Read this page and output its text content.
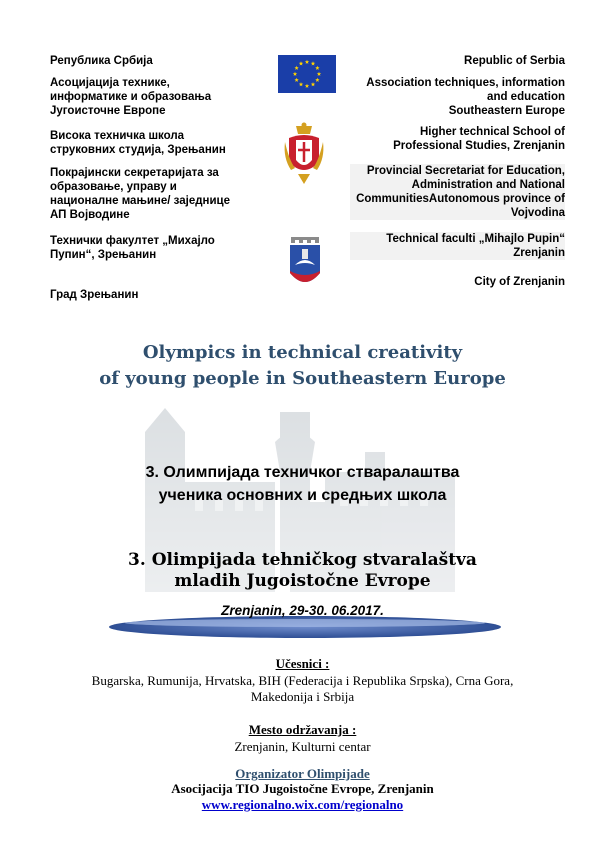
Република Србија
Асоцијација технике,
информатике и образовања
Југоисточне Европе
Висока техничка школа
струковних студија, Зрењанин
Покрајински секретаријата за
образовање, управу и
националне мањине/ заједнице
АП Војводине
Технички факултет „Михајло
Пупин“, Зрењанин
Град Зрењанин
Republic of Serbia
Association techniques, information
and education
Southeastern Europe
Higher technical School of
Professional Studies, Zrenjanin
Provincial Secretariat for Education,
Administration and National
CommunitiesAutonomous province of
Vojvodina
Technical faculti „Mihajlo Pupin“
Zrenjanin
City of Zrenjanin
Olympics in technical creativity
of young people in Southeastern Europe
3. Олимпијада техничког стваралаштва
ученика основних и средњих школа
3. Olimpijada tehničkog stvaralaštva
mladih Jugoistočne Evrope
Zrenjanin, 29-30. 06.2017.
Učesnici :
Bugarska, Rumunija, Hrvatska, BIH (Federacija i Republika Srpska), Crna Gora,
Makedonija i Srbija
Mesto održavanja :
Zrenjanin, Kulturni centar
Organizator Olimpijade
Asocijacija TIO Jugoistočne Evrope, Zrenjanin
www.regionalno.wix.com/regionalno
